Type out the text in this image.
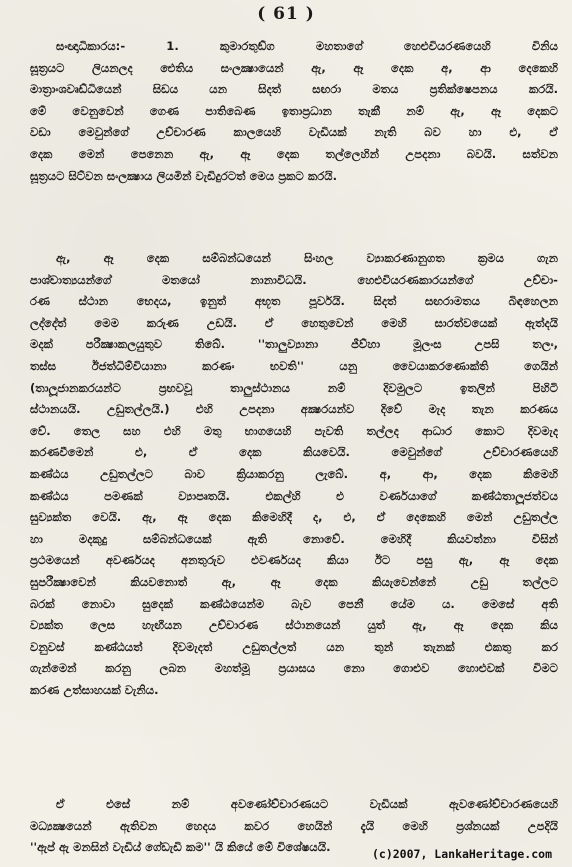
( 61 )
සංඥාධිකාරය:- 1. කුමාරතුඞ්ග මහතාගේ හෙළුවියරණයෙහි විනිය
සූත්‍රයට ලියනලද ඓතිය සංලක්‍ෂායෙන් ඇ, ඈ දෙක අ, ආ දෙකෙහි
මාත්‍රාංශවෘඩ්ධියෙන් සිඩය යන සිදත් සඟරා මතය ප්‍රතික්ෂෙපනය කරයි.
මේ වෙනුවෙන් ගෙණ පාතිබෙණ ඉතාප්‍රධාන තැකී නම් ඇ, ඈ දෙකට
වඩා මෙවුන්ගේ උච්චාරණ කාලයෙහි වැඩියක් නැති බව හා එ, ඒ
දෙක මෙන් පෙනෙන ඇ, ඈ දෙක තල්ලෙහින් උපදනා බවයි. සත්වන
සූත්‍රයට සිට්වන සංලක්‍ෂාය ලියමින් වැඩිදුරටත් මෙය ප්‍රකට කරයි.
ඇ, ඈ දෙක සම්බන්ධයෙන් සිංහල ව්‍යාකරණානුගත ක්‍රමය ගැන
පාශ්චාත්‍යයන්ගේ මතයෝ නානාවිධයි. හෙළුවියරණකාරයන්ගේ උච්චා-
රණ ස්ථාන භෙදය, ඉනුත් අභූත පූර්වයි. සිදත් සඟරාමතය බිඳහෙලන
ලද්දේත් මෙම කරුණ උඩයි. ඒ හෙතුවෙන් මෙහි සාරත්වයෙක් ඇත්දයි
මදක් පරීක්‍ෂාකලයුතුව තිබේ. ''තාලුව්‍යානා ජීව්හා මූලංස උපසි තලං,
තස්ස ඊජත්ධිම්වියානා කරණං භවති'' යනු වෛයාකරණොක්ති ගෙයින්
(තාලූජානකරයන්ට ප්‍රභවවූ තාලුස්ථානය නම් දිවමුලට ඉතලින් පිහිටි
ස්ථානයයි. උඩුතල්ලයි.) එහි උපදනා අක්‍ෂරයන්ව දිවේ මැද තැන කරණය
වේ. තෙල සහ එහි මතු භාගයෙහි පැවති තල්ලද ආධාර කොට දිවමැද
කරණවීමෙන් එ, ඒ දෙක කියවෙයි. මෙවුන්ගේ උච්චාරණයෙහි
කණ්ඨය උඩුතල්ලට බාව ක්‍රියාකරනු ලැබේ. අ, ආ, දෙක කිමෙහි
කණ්ඨය පමණක් ව්‍යාපෘතයි. එකල්හි එ වර්ණයාගේ කණ්ඨතාලූජත්වය
සුව්‍යක්ත වෙයි. ඇ, ඈ දෙක කිමෙහිදී ද, එ, ඒ දෙකෙහි මෙන් උඩුතල්ල
හා මදකුදු සම්බන්ධයෙක් ඇති නොවේ. මෙහිදී කියවත්නා විසින්
ප්‍රථමයෙන් අවර්ණයද අනතුරුව එවර්ණයද කියා ඊට පසු ඇ, ඈ දෙක
සුපරීක්‍ෂාවෙන් කියවනොත් ඇ, ඈ දෙක කියැවෙන්නේ උඩු තල්ලට
බරක් නොවා සුදෙක් කණ්ඨයෙන්ම බැව පෙනී යේම ය. මෙසේ අති
ව්‍යක්ත ලෙස හැඟීයන උච්චාරණ ස්ථානයෙන් යුත් ඇ, ඈ දෙක කිය
වනුවස් කණ්ඨයත් දිවමැදත් උඩුතල්ලත් යන තුන් තැනක් එකතු කර
ගැන්මෙන් කරනු ලබන මහත්මූ ප්‍රයාසය නො ගොළුව හොළුවක් විමට
කරණ උත්සාහයක් වැනිය.
ඒ එසේ නම් අවණෝච්චාරණයට වැඩියක් ඇවණෝච්චාරණයෙහි
මධ්‍යක්‍ෂයෙන් ඇතිවන හෙදය කවර හෙයින් දැයි මෙහි ප්‍රශ්නයක් උපදියි
''ඇප් ඇ මනසින් වැඩිය් ගේඩැඩි කම'' යි කියේ මේ විශේෂයයි.	(c)2007, LankaHeritage.com
